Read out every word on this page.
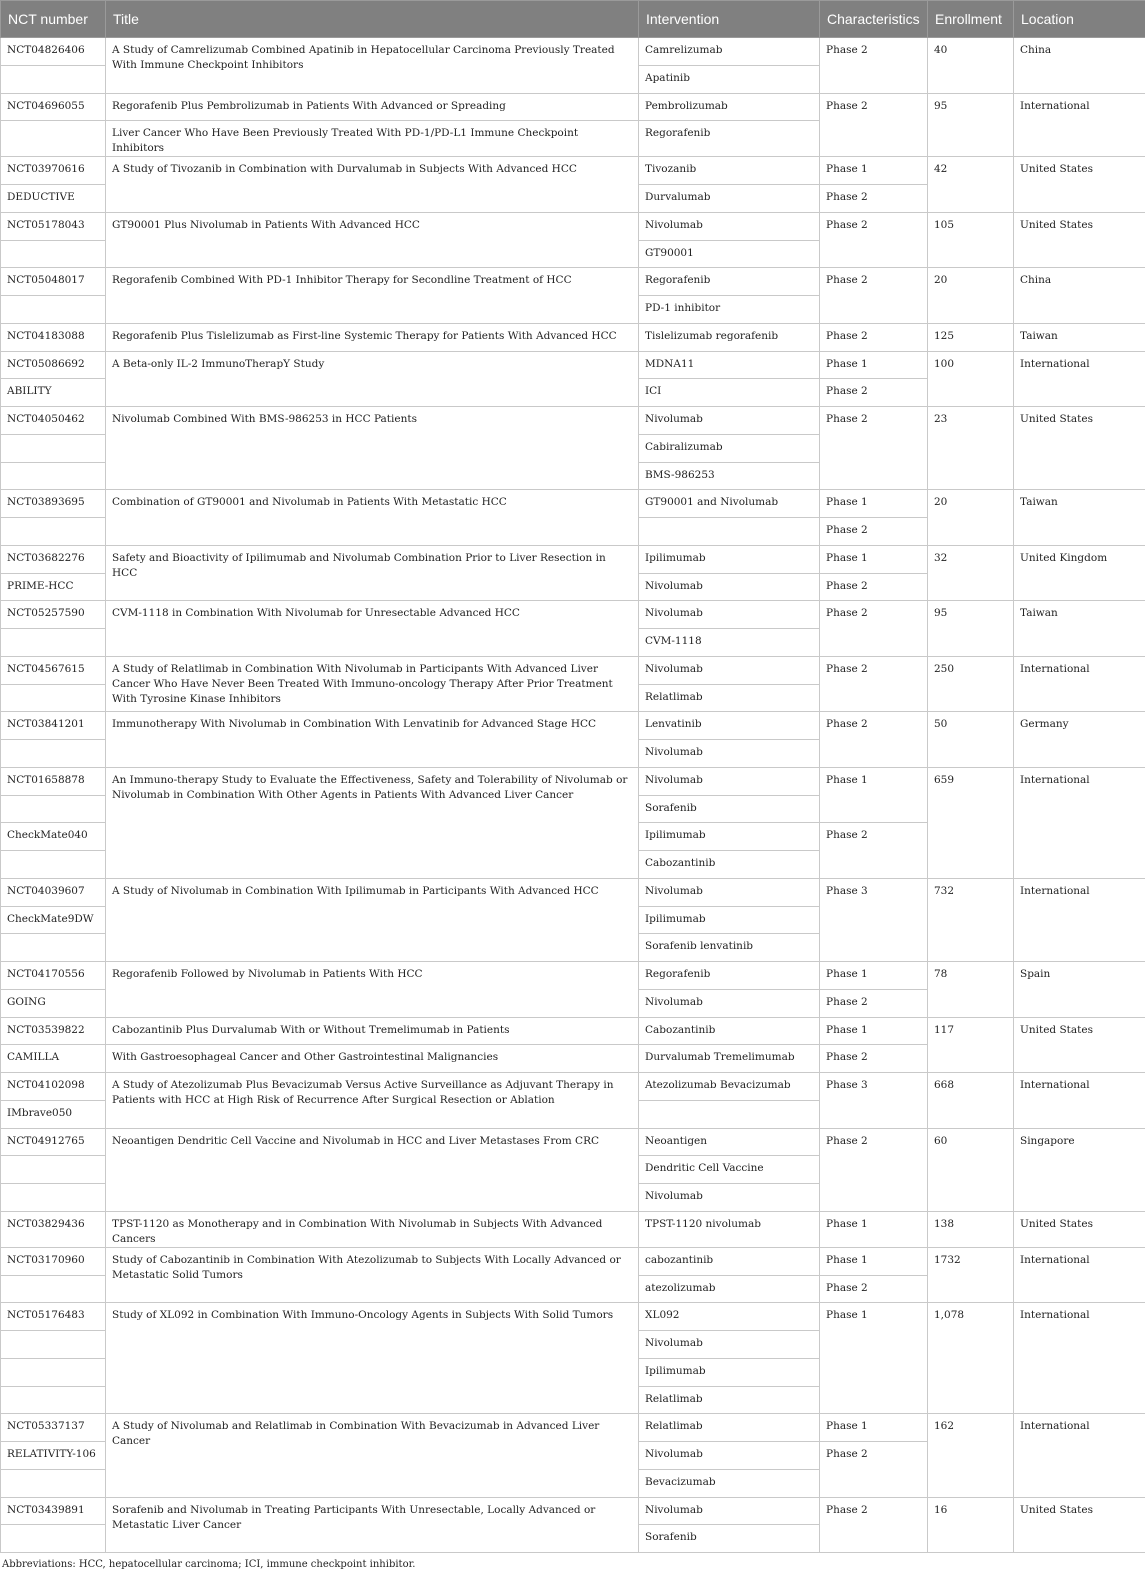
NCT number	Title	Intervention	Characteristics	Enrollment	Location
NCT04826406	A Study of Camrelizumab Combined Apatinib in Hepatocellular Carcinoma Previously Treated With Immune Checkpoint Inhibitors	Camrelizumab	Phase 2	40	China
		Apatinib			
NCT04696055	Regorafenib Plus Pembrolizumab in Patients With Advanced or Spreading	Pembrolizumab	Phase 2	95	International
	Liver Cancer Who Have Been Previously Treated With PD-1/PD-L1 Immune Checkpoint Inhibitors	Regorafenib			
NCT03970616	A Study of Tivozanib in Combination with Durvalumab in Subjects With Advanced HCC	Tivozanib	Phase 1	42	United States
DEDUCTIVE		Durvalumab	Phase 2		
NCT05178043	GT90001 Plus Nivolumab in Patients With Advanced HCC	Nivolumab	Phase 2	105	United States
		GT90001			
NCT05048017	Regorafenib Combined With PD-1 Inhibitor Therapy for Secondline Treatment of HCC	Regorafenib	Phase 2	20	China
		PD-1 inhibitor			
NCT04183088	Regorafenib Plus Tislelizumab as First-line Systemic Therapy for Patients With Advanced HCC	Tislelizumab regorafenib	Phase 2	125	Taiwan
NCT05086692	A Beta-only IL-2 ImmunoTherapY Study	MDNA11	Phase 1	100	International
ABILITY		ICI	Phase 2		
NCT04050462	Nivolumab Combined With BMS-986253 in HCC Patients	Nivolumab	Phase 2	23	United States
		Cabiralizumab			
		BMS-986253			
NCT03893695	Combination of GT90001 and Nivolumab in Patients With Metastatic HCC	GT90001 and Nivolumab	Phase 1	20	Taiwan
			Phase 2		
NCT03682276	Safety and Bioactivity of Ipilimumab and Nivolumab Combination Prior to Liver Resection in HCC	Ipilimumab	Phase 1	32	United Kingdom
PRIME-HCC		Nivolumab	Phase 2		
NCT05257590	CVM-1118 in Combination With Nivolumab for Unresectable Advanced HCC	Nivolumab	Phase 2	95	Taiwan
		CVM-1118			
NCT04567615	A Study of Relatlimab in Combination With Nivolumab in Participants With Advanced Liver Cancer Who Have Never Been Treated With Immuno-oncology Therapy After Prior Treatment With Tyrosine Kinase Inhibitors	Nivolumab	Phase 2	250	International
		Relatlimab			
NCT03841201	Immunotherapy With Nivolumab in Combination With Lenvatinib for Advanced Stage HCC	Lenvatinib	Phase 2	50	Germany
		Nivolumab			
NCT01658878	An Immuno-therapy Study to Evaluate the Effectiveness, Safety and Tolerability of Nivolumab or Nivolumab in Combination With Other Agents in Patients With Advanced Liver Cancer	Nivolumab	Phase 1	659	International
		Sorafenib			
CheckMate040		Ipilimumab	Phase 2		
		Cabozantinib			
NCT04039607	A Study of Nivolumab in Combination With Ipilimumab in Participants With Advanced HCC	Nivolumab	Phase 3	732	International
CheckMate9DW		Ipilimumab			
		Sorafenib lenvatinib			
NCT04170556	Regorafenib Followed by Nivolumab in Patients With HCC	Regorafenib	Phase 1	78	Spain
GOING		Nivolumab	Phase 2		
NCT03539822	Cabozantinib Plus Durvalumab With or Without Tremelimumab in Patients	Cabozantinib	Phase 1	117	United States
CAMILLA	With Gastroesophageal Cancer and Other Gastrointestinal Malignancies	Durvalumab Tremelimumab	Phase 2		
NCT04102098	A Study of Atezolizumab Plus Bevacizumab Versus Active Surveillance as Adjuvant Therapy in Patients with HCC at High Risk of Recurrence After Surgical Resection or Ablation	Atezolizumab Bevacizumab	Phase 3	668	International
IMbrave050					
NCT04912765	Neoantigen Dendritic Cell Vaccine and Nivolumab in HCC and Liver Metastases From CRC	Neoantigen	Phase 2	60	Singapore
		Dendritic Cell Vaccine			
		Nivolumab			
NCT03829436	TPST-1120 as Monotherapy and in Combination With Nivolumab in Subjects With Advanced Cancers	TPST-1120 nivolumab	Phase 1	138	United States
NCT03170960	Study of Cabozantinib in Combination With Atezolizumab to Subjects With Locally Advanced or Metastatic Solid Tumors	cabozantinib	Phase 1	1732	International
		atezolizumab	Phase 2		
NCT05176483	Study of XL092 in Combination With Immuno-Oncology Agents in Subjects With Solid Tumors	XL092	Phase 1	1,078	International
		Nivolumab			
		Ipilimumab			
		Relatlimab			
NCT05337137	A Study of Nivolumab and Relatlimab in Combination With Bevacizumab in Advanced Liver Cancer	Relatlimab	Phase 1	162	International
RELATIVITY-106		Nivolumab	Phase 2		
		Bevacizumab			
NCT03439891	Sorafenib and Nivolumab in Treating Participants With Unresectable, Locally Advanced or Metastatic Liver Cancer	Nivolumab	Phase 2	16	United States
		Sorafenib			
Abbreviations: HCC, hepatocellular carcinoma; ICI, immune checkpoint inhibitor.
